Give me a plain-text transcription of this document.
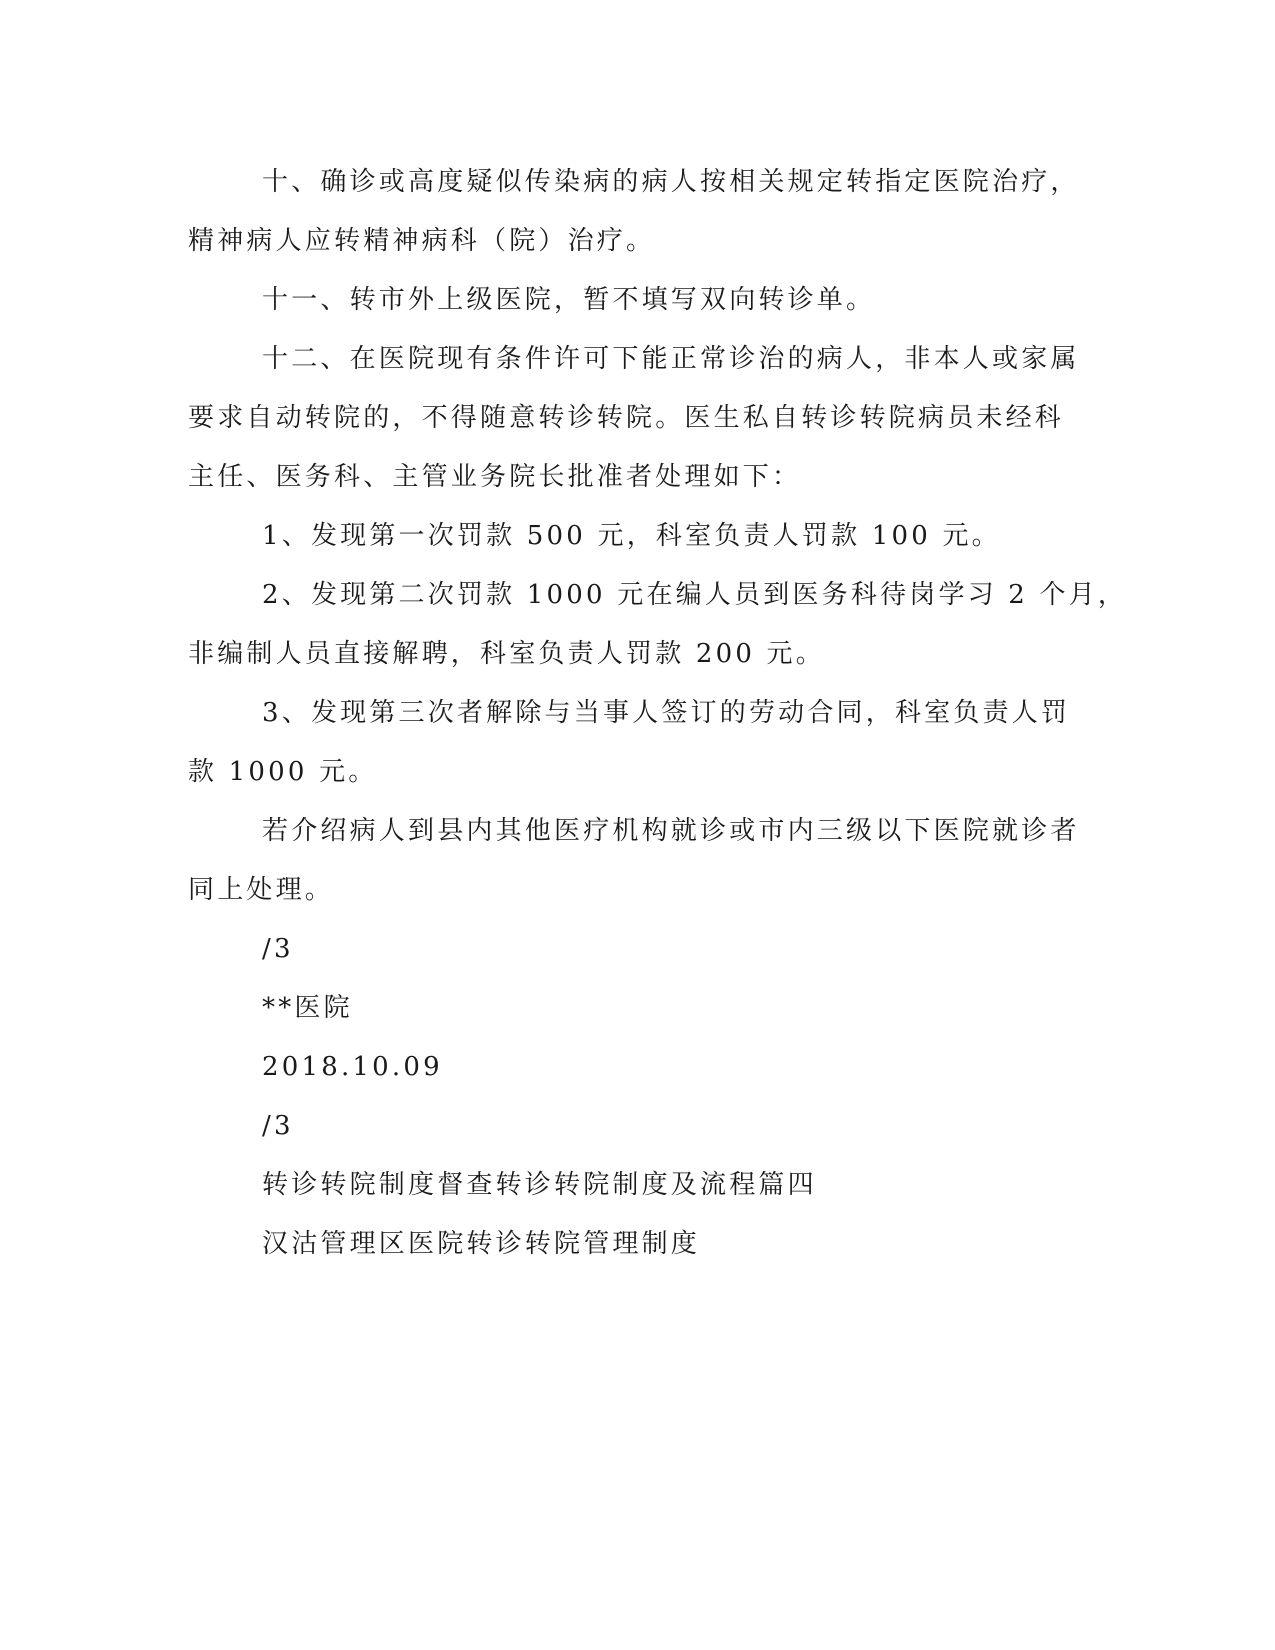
十、确诊或高度疑似传染病的病人按相关规定转指定医院治疗，
精神病人应转精神病科（院）治疗。
十一、转市外上级医院，暂不填写双向转诊单。
十二、在医院现有条件许可下能正常诊治的病人，非本人或家属
要求自动转院的，不得随意转诊转院。医生私自转诊转院病员未经科
主任、医务科、主管业务院长批准者处理如下：
1、发现第一次罚款 500 元，科室负责人罚款 100 元。
2、发现第二次罚款 1000 元在编人员到医务科待岗学习 2 个月，
非编制人员直接解聘，科室负责人罚款 200 元。
3、发现第三次者解除与当事人签订的劳动合同，科室负责人罚
款 1000 元。
若介绍病人到县内其他医疗机构就诊或市内三级以下医院就诊者
同上处理。
/3
**医院
2018.10.09
/3
转诊转院制度督查转诊转院制度及流程篇四
汉沽管理区医院转诊转院管理制度
